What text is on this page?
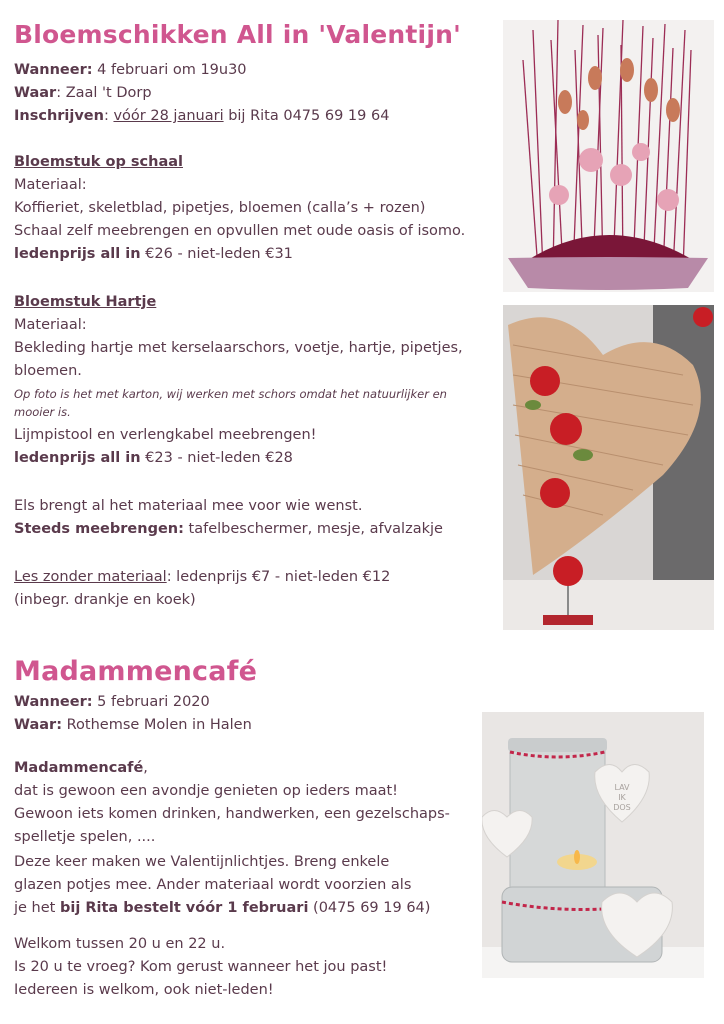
Bloemschikken All in 'Valentijn'
Wanneer: 4 februari om 19u30
Waar: Zaal 't Dorp
Inschrijven: vóór 28 januari bij Rita 0475 69 19 64
Bloemstuk op schaal
Materiaal:
Koffieriet, skeletblad, pipetjes, bloemen (calla’s + rozen)
Schaal zelf meebrengen en opvullen met oude oasis of isomo.
ledenprijs all in €26 - niet-leden €31
Bloemstuk Hartje
Materiaal:
Bekleding hartje met kerselaarschors, voetje, hartje, pipetjes,
bloemen.
Op foto is het met karton, wij werken met schors omdat het natuurlijker en
mooier is.
Lijmpistool en verlengkabel meebrengen!
ledenprijs all in €23 - niet-leden €28
Els brengt al het materiaal mee voor wie wenst.
Steeds meebrengen: tafelbeschermer, mesje, afvalzakje
Les zonder materiaal: ledenprijs €7 - niet-leden €12
(inbegr. drankje en koek)
Madammencafé
Wanneer: 5 februari 2020
Waar: Rothemse Molen in Halen
Madammencafé,
dat is gewoon een avondje genieten op ieders maat!
Gewoon iets komen drinken, handwerken, een gezelschaps-
spelletje spelen, ....
Deze keer maken we Valentijnlichtjes. Breng enkele
glazen potjes mee. Ander materiaal wordt voorzien als
je het bij Rita bestelt vóór 1 februari (0475 69 19 64)
Welkom tussen 20 u en 22 u.
Is 20 u te vroeg? Kom gerust wanneer het jou past!
Iedereen is welkom, ook niet-leden!
LAV
IK
DOS
